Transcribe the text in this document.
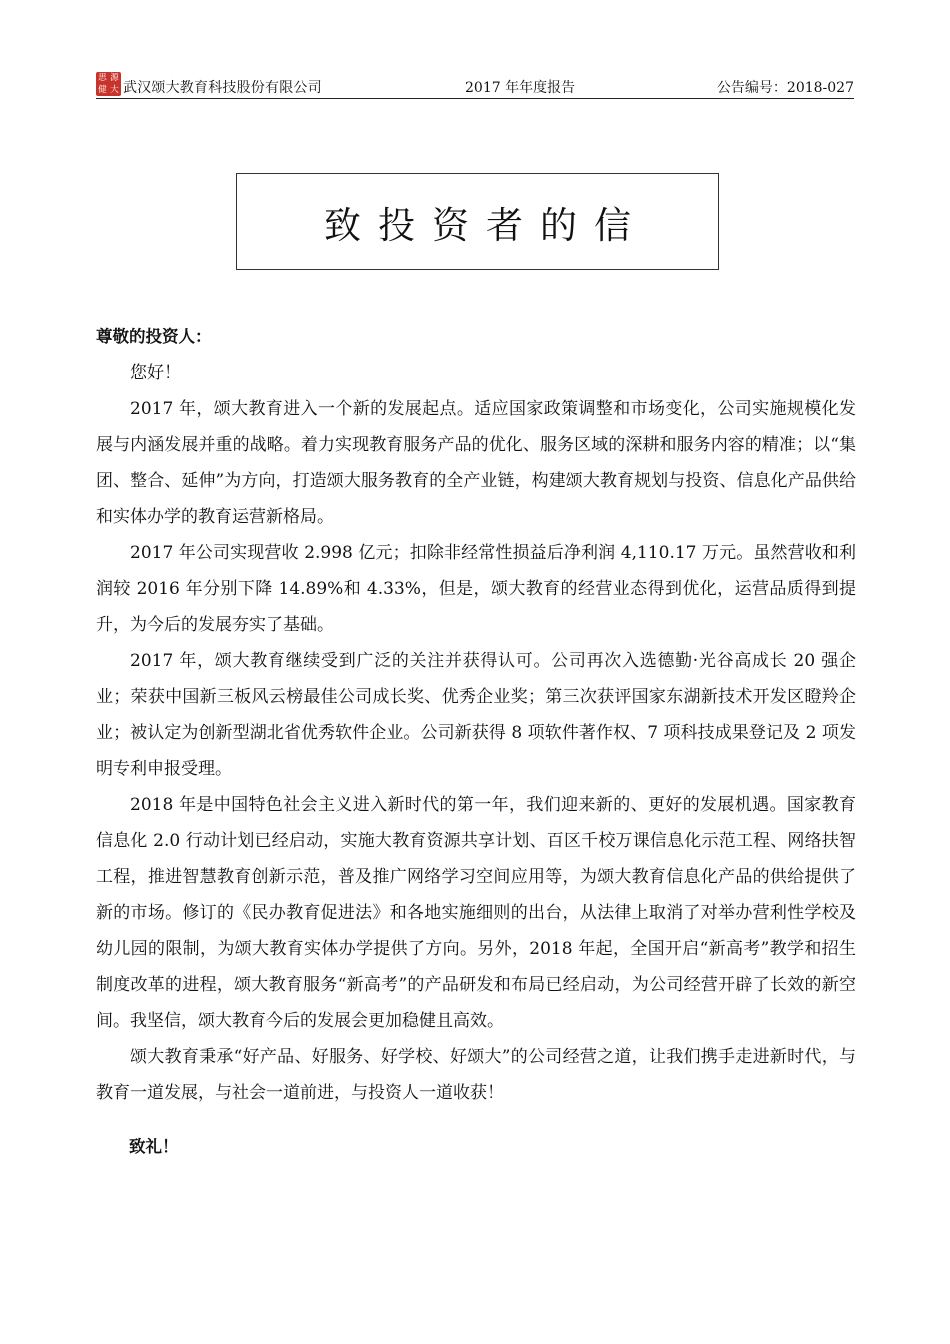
思 源
健 大 武汉颂大教育科技股份有限公司	2017 年年度报告	公告编号：2018-027
致投资者的信

尊敬的投资人：

您好！

2017 年，颂大教育进入一个新的发展起点。适应国家政策调整和市场变化，公司实施规模化发展与内涵发展并重的战略。着力实现教育服务产品的优化、服务区域的深耕和服务内容的精准；以“集团、整合、延伸”为方向，打造颂大服务教育的全产业链，构建颂大教育规划与投资、信息化产品供给和实体办学的教育运营新格局。

2017 年公司实现营收 2.998 亿元；扣除非经常性损益后净利润 4,110.17 万元。虽然营收和利润较 2016 年分别下降 14.89%和 4.33%，但是，颂大教育的经营业态得到优化，运营品质得到提升，为今后的发展夯实了基础。

2017 年，颂大教育继续受到广泛的关注并获得认可。公司再次入选德勤·光谷高成长 20 强企业；荣获中国新三板风云榜最佳公司成长奖、优秀企业奖；第三次获评国家东湖新技术开发区瞪羚企业；被认定为创新型湖北省优秀软件企业。公司新获得 8 项软件著作权、7 项科技成果登记及 2 项发明专利申报受理。

2018 年是中国特色社会主义进入新时代的第一年，我们迎来新的、更好的发展机遇。国家教育信息化 2.0 行动计划已经启动，实施大教育资源共享计划、百区千校万课信息化示范工程、网络扶智工程，推进智慧教育创新示范，普及推广网络学习空间应用等，为颂大教育信息化产品的供给提供了新的市场。修订的《民办教育促进法》和各地实施细则的出台，从法律上取消了对举办营利性学校及幼儿园的限制，为颂大教育实体办学提供了方向。另外，2018 年起，全国开启“新高考”教学和招生制度改革的进程，颂大教育服务“新高考”的产品研发和布局已经启动，为公司经营开辟了长效的新空间。我坚信，颂大教育今后的发展会更加稳健且高效。

颂大教育秉承“好产品、好服务、好学校、好颂大”的公司经营之道，让我们携手走进新时代，与教育一道发展，与社会一道前进，与投资人一道收获！

致礼！
